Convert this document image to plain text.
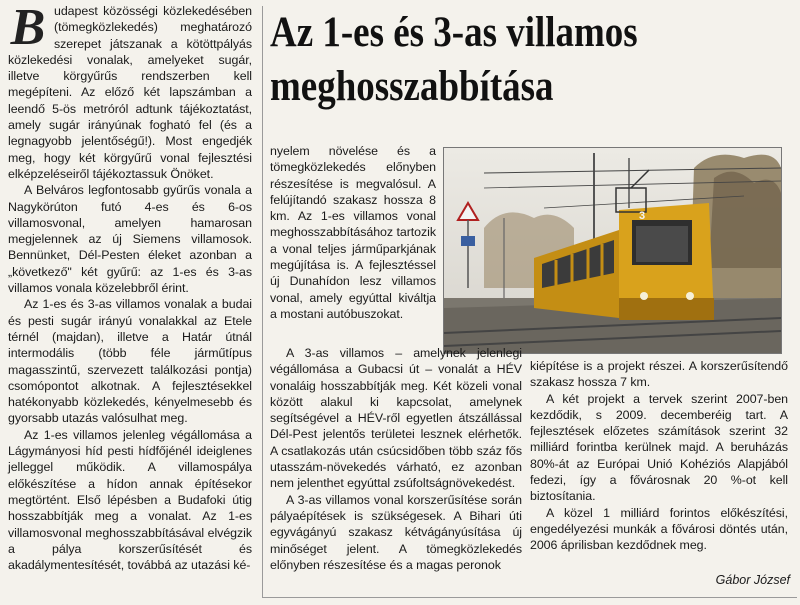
Az 1-es és 3-as villamos
meghosszabbítása

Budapest közösségi közlekedésében (tömegközlekedés) meghatározó szerepet játszanak a kötöttpályás közlekedési vonalak, amelyeket sugár, illetve körgyűrűs rendszerben kell megépíteni. Az előző két lapszámban a leendő 5-ös metróról adtunk tájékoztatást, amely sugár irányúnak fogható fel (és a legnagyobb jelentőségű!). Most engedjék meg, hogy két körgyűrű vonal fejlesztési elképzeléseiről tájékoztassuk Önöket.

A Belváros legfontosabb gyűrűs vonala a Nagykörúton futó 4-es és 6-os villamosvonal, amelyen hamarosan megjelennek az új Siemens villamosok. Bennünket, Dél-Pesten éleket azonban a „következő" két gyűrű: az 1-es és 3-as villamos vonala közelebbről érint.

Az 1-es és 3-as villamos vonalak a budai és pesti sugár irányú vonalakkal az Etele térnél (majdan), illetve a Határ útnál intermodális (több féle járműtípus magasszintű, szervezett találkozási pontja) csomópontot alkotnak. A fejlesztésekkel hatékonyabb közlekedés, kényelmesebb és gyorsabb utazás valósulhat meg.

Az 1-es villamos jelenleg végállomása a Lágymányosi híd pesti hídfőjénél ideiglenes jelleggel működik. A villamospálya előkészítése a hídon annak építésekor megtörtént. Első lépésben a Budafoki útig hosszabbítják meg a vonalat. Az 1-es villamosvonal meghosszabbításával elvégzik a pálya korszerűsítését és akadálymentesítését, továbbá az utazási ké-

nyelem növelése és a tömegközlekedés előnyben részesítése is megvalósul. A felújítandó szakasz hossza 8 km. Az 1-es villamos vonal meghosszabbításához tartozik a vonal teljes járműparkjának megújítása is. A fejlesztéssel új Dunahídon lesz villamos vonal, amely egyúttal kiváltja a mostani autóbuszokat.

3

A 3-as villamos – amelynek jelenlegi végállomása a Gubacsi út – vonalát a HÉV vonaláig hosszabbítják meg. Két közeli vonal között alakul ki kapcsolat, amelynek segítségével a HÉV-ről egyetlen átszállással Dél-Pest jelentős területei lesznek elérhetők. A csatlakozás után csúcsidőben több száz fős utasszám-növekedés várható, ez azonban nem jelenthet egyúttal zsúfoltságnövekedést.

A 3-as villamos vonal korszerűsítése során pályaépítések is szükségesek. A Bihari úti egyvágányú szakasz kétvágányúsítása új minőséget jelent. A tömegközlekedés előnyben részesítése és a magas peronok

kiépítése is a projekt részei. A korszerűsítendő szakasz hossza 7 km.

A két projekt a tervek szerint 2007-ben kezdődik, s 2009. decemberéig tart. A fejlesztések előzetes számítások szerint 32 milliárd forintba kerülnek majd. A beruházás 80%-át az Európai Unió Kohéziós Alapjából fedezi, így a fővárosnak 20 %-ot kell biztosítania.

A közel 1 milliárd forintos előkészítési, engedélyezési munkák a fővárosi döntés után, 2006 áprilisban kezdődnek meg.

Gábor József
